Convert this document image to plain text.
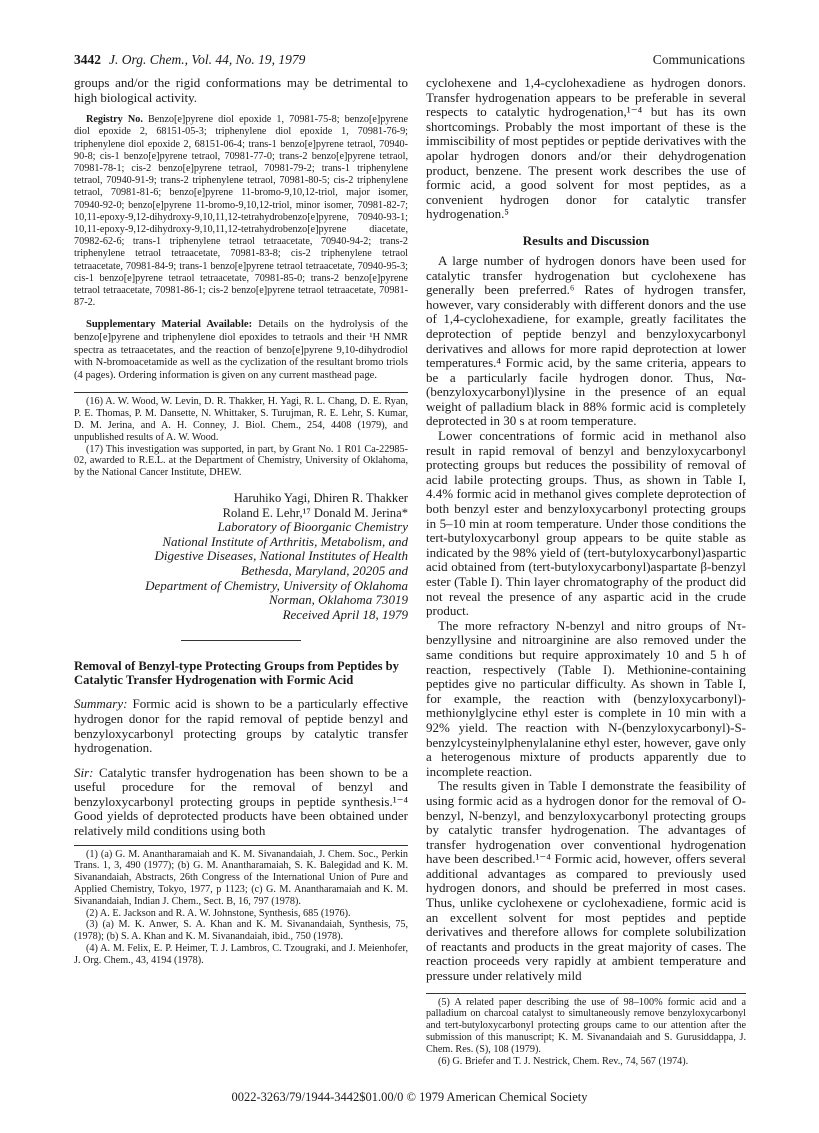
3442 J. Org. Chem., Vol. 44, No. 19, 1979	Communications

groups and/or the rigid conformations may be detrimental to high biological activity.

Registry No. Benzo[e]pyrene diol epoxide 1, 70981-75-8; benzo[e]pyrene diol epoxide 2, 68151-05-3; triphenylene diol epoxide 1, 70981-76-9; triphenylene diol epoxide 2, 68151-06-4; trans-1 benzo[e]pyrene tetraol, 70940-90-8; cis-1 benzo[e]pyrene tetraol, 70981-77-0; trans-2 benzo[e]pyrene tetraol, 70981-78-1; cis-2 benzo[e]pyrene tetraol, 70981-79-2; trans-1 triphenylene tetraol, 70940-91-9; trans-2 triphenylene tetraol, 70981-80-5; cis-2 triphenylene tetraol, 70981-81-6; benzo[e]pyrene 11-bromo-9,10,12-triol, major isomer, 70940-92-0; benzo[e]pyrene 11-bromo-9,10,12-triol, minor isomer, 70981-82-7; 10,11-epoxy-9,12-dihydroxy-9,10,11,12-tetrahydrobenzo[e]pyrene, 70940-93-1; 10,11-epoxy-9,12-dihydroxy-9,10,11,12-tetrahydrobenzo[e]pyrene diacetate, 70982-62-6; trans-1 triphenylene tetraol tetraacetate, 70940-94-2; trans-2 triphenylene tetraol tetraacetate, 70981-83-8; cis-2 triphenylene tetraol tetraacetate, 70981-84-9; trans-1 benzo[e]pyrene tetraol tetraacetate, 70940-95-3; cis-1 benzo[e]pyrene tetraol tetraacetate, 70981-85-0; trans-2 benzo[e]pyrene tetraol tetraacetate, 70981-86-1; cis-2 benzo[e]pyrene tetraol tetraacetate, 70981-87-2.

Supplementary Material Available: Details on the hydrolysis of the benzo[e]pyrene and triphenylene diol epoxides to tetraols and their ¹H NMR spectra as tetraacetates, and the reaction of benzo[e]pyrene 9,10-dihydrodiol with N-bromoacetamide as well as the cyclization of the resultant bromo triols (4 pages). Ordering information is given on any current masthead page.

(16) A. W. Wood, W. Levin, D. R. Thakker, H. Yagi, R. L. Chang, D. E. Ryan, P. E. Thomas, P. M. Dansette, N. Whittaker, S. Turujman, R. E. Lehr, S. Kumar, D. M. Jerina, and A. H. Conney, J. Biol. Chem., 254, 4408 (1979), and unpublished results of A. W. Wood.

(17) This investigation was supported, in part, by Grant No. 1 R01 Ca-22985-02, awarded to R.E.L. at the Department of Chemistry, University of Oklahoma, by the National Cancer Institute, DHEW.

Haruhiko Yagi, Dhiren R. Thakker
Roland E. Lehr,¹⁷ Donald M. Jerina*
Laboratory of Bioorganic Chemistry
National Institute of Arthritis, Metabolism, and
Digestive Diseases, National Institutes of Health
Bethesda, Maryland, 20205 and
Department of Chemistry, University of Oklahoma
Norman, Oklahoma 73019
Received April 18, 1979

Removal of Benzyl-type Protecting Groups from Peptides by Catalytic Transfer Hydrogenation with Formic Acid

Summary: Formic acid is shown to be a particularly effective hydrogen donor for the rapid removal of peptide benzyl and benzyloxycarbonyl protecting groups by catalytic transfer hydrogenation.

Sir: Catalytic transfer hydrogenation has been shown to be a useful procedure for the removal of benzyl and benzyloxycarbonyl protecting groups in peptide synthesis.¹⁻⁴ Good yields of deprotected products have been obtained under relatively mild conditions using both

(1) (a) G. M. Anantharamaiah and K. M. Sivanandaiah, J. Chem. Soc., Perkin Trans. 1, 3, 490 (1977); (b) G. M. Anantharamaiah, S. K. Balegidad and K. M. Sivanandaiah, Abstracts, 26th Congress of the International Union of Pure and Applied Chemistry, Tokyo, 1977, p 1123; (c) G. M. Anantharamaiah and K. M. Sivanandaiah, Indian J. Chem., Sect. B, 16, 797 (1978).

(2) A. E. Jackson and R. A. W. Johnstone, Synthesis, 685 (1976).

(3) (a) M. K. Anwer, S. A. Khan and K. M. Sivanandaiah, Synthesis, 75, (1978); (b) S. A. Khan and K. M. Sivanandaiah, ibid., 750 (1978).

(4) A. M. Felix, E. P. Heimer, T. J. Lambros, C. Tzougraki, and J. Meienhofer, J. Org. Chem., 43, 4194 (1978).

cyclohexene and 1,4-cyclohexadiene as hydrogen donors. Transfer hydrogenation appears to be preferable in several respects to catalytic hydrogenation,¹⁻⁴ but has its own shortcomings. Probably the most important of these is the immiscibility of most peptides or peptide derivatives with the apolar hydrogen donors and/or their dehydrogenation product, benzene. The present work describes the use of formic acid, a good solvent for most peptides, as a convenient hydrogen donor for catalytic transfer hydrogenation.⁵

Results and Discussion

A large number of hydrogen donors have been used for catalytic transfer hydrogenation but cyclohexene has generally been preferred.⁶ Rates of hydrogen transfer, however, vary considerably with different donors and the use of 1,4-cyclohexadiene, for example, greatly facilitates the deprotection of peptide benzyl and benzyloxycarbonyl derivatives and allows for more rapid deprotection at lower temperatures.⁴ Formic acid, by the same criteria, appears to be a particularly facile hydrogen donor. Thus, Nα-(benzyloxycarbonyl)lysine in the presence of an equal weight of palladium black in 88% formic acid is completely deprotected in 30 s at room temperature.

Lower concentrations of formic acid in methanol also result in rapid removal of benzyl and benzyloxycarbonyl protecting groups but reduces the possibility of removal of acid labile protecting groups. Thus, as shown in Table I, 4.4% formic acid in methanol gives complete deprotection of both benzyl ester and benzyloxycarbonyl protecting groups in 5–10 min at room temperature. Under those conditions the tert-butyloxycarbonyl group appears to be quite stable as indicated by the 98% yield of (tert-butyloxycarbonyl)aspartic acid obtained from (tert-butyloxycarbonyl)aspartate β-benzyl ester (Table I). Thin layer chromatography of the product did not reveal the presence of any aspartic acid in the crude product.

The more refractory N-benzyl and nitro groups of Nτ-benzyllysine and nitroarginine are also removed under the same conditions but require approximately 10 and 5 h of reaction, respectively (Table I). Methionine-containing peptides give no particular difficulty. As shown in Table I, for example, the reaction with (benzyloxycarbonyl)-methionylglycine ethyl ester is complete in 10 min with a 92% yield. The reaction with N-(benzyloxycarbonyl)-S-benzylcysteinylphenylalanine ethyl ester, however, gave only a heterogenous mixture of products apparently due to incomplete reaction.

The results given in Table I demonstrate the feasibility of using formic acid as a hydrogen donor for the removal of O-benzyl, N-benzyl, and benzyloxycarbonyl protecting groups by catalytic transfer hydrogenation. The advantages of transfer hydrogenation over conventional hydrogenation have been described.¹⁻⁴ Formic acid, however, offers several additional advantages as compared to previously used hydrogen donors, and should be preferred in most cases. Thus, unlike cyclohexene or cyclohexadiene, formic acid is an excellent solvent for most peptides and peptide derivatives and therefore allows for complete solubilization of reactants and products in the great majority of cases. The reaction proceeds very rapidly at ambient temperature and pressure under relatively mild

(5) A related paper describing the use of 98–100% formic acid and a palladium on charcoal catalyst to simultaneously remove benzyloxycarbonyl and tert-butyloxycarbonyl protecting groups came to our attention after the submission of this manuscript; K. M. Sivanandaiah and S. Gurusiddappa, J. Chem. Res. (S), 108 (1979).

(6) G. Briefer and T. J. Nestrick, Chem. Rev., 74, 567 (1974).

0022-3263/79/1944-3442$01.00/0 © 1979 American Chemical Society
